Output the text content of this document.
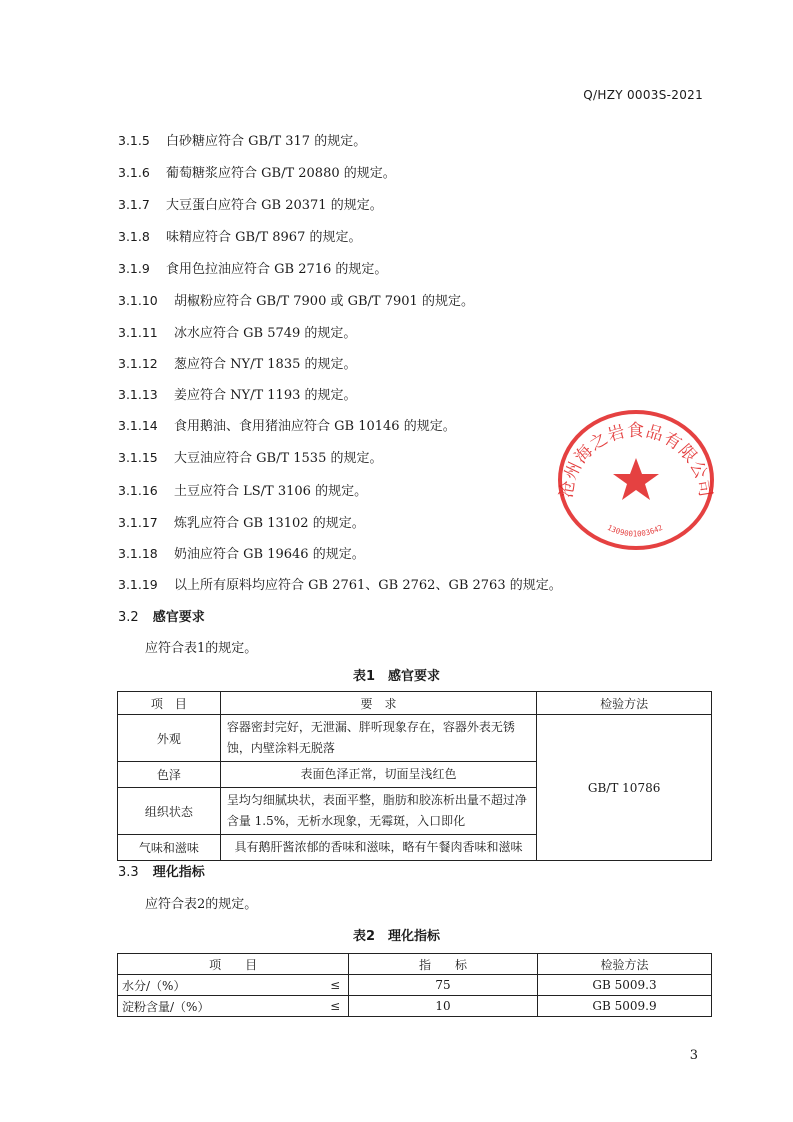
Q/HZY 0003S-2021
3.1.5 白砂糖应符合 GB/T 317 的规定。
3.1.6 葡萄糖浆应符合 GB/T 20880 的规定。
3.1.7 大豆蛋白应符合 GB 20371 的规定。
3.1.8 味精应符合 GB/T 8967 的规定。
3.1.9 食用色拉油应符合 GB 2716 的规定。
3.1.10 胡椒粉应符合 GB/T 7900 或 GB/T 7901 的规定。
3.1.11 冰水应符合 GB 5749 的规定。
3.1.12 葱应符合 NY/T 1835 的规定。
3.1.13 姜应符合 NY/T 1193 的规定。
3.1.14 食用鹅油、食用猪油应符合 GB 10146 的规定。
3.1.15 大豆油应符合 GB/T 1535 的规定。
3.1.16 土豆应符合 LS/T 3106 的规定。
3.1.17 炼乳应符合 GB 13102 的规定。
3.1.18 奶油应符合 GB 19646 的规定。
3.1.19 以上所有原料均应符合 GB 2761、GB 2762、GB 2763 的规定。
3.2 感官要求
应符合表1的规定。
表1　感官要求
项　目	要　求	检验方法
外观	容器密封完好，无泄漏、胖听现象存在，容器外表无锈蚀，内壁涂料无脱落	GB/T 10786
色泽	表面色泽正常，切面呈浅红色	
组织状态	呈均匀细腻块状，表面平整，脂肪和胶冻析出量不超过净含量 1.5%，无析水现象，无霉斑，入口即化	
气味和滋味	具有鹅肝酱浓郁的香味和滋味，略有午餐肉香味和滋味	
3.3 理化指标
应符合表2的规定。
表2　理化指标
项　　目		指　　标	检验方法
水分/（%）	≤	75	GB 5009.3
淀粉含量/（%）	≤	10	GB 5009.9
沧州海之岩食品有限公司
1309001003642
3
